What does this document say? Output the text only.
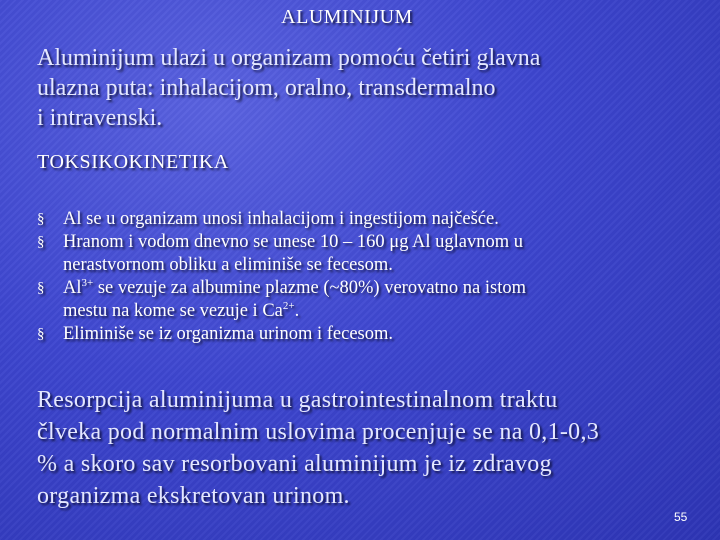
ALUMINIJUM
Aluminijum ulazi u organizam pomoću četiri glavna
ulazna puta: inhalacijom, oralno, transdermalno
i intravenski.
TOKSIKOKINETIKA
§ Al se u organizam unosi inhalacijom i ingestijom najčešće.
§ Hranom i vodom dnevno se unese 10 – 160 μg Al uglavnom u
nerastvornom obliku a eliminiše se fecesom.
§ $Al^{3+}$ se vezuje za albumine plazme (~80%) verovatno na istom
mestu na kome se vezuje i $Ca^{2+}$.
§ Eliminiše se iz organizma urinom i fecesom.
Resorpcija aluminijuma u gastrointestinalnom traktu
člveka pod normalnim uslovima procenjuje se na 0,1-0,3
% a skoro sav resorbovani aluminijum je iz zdravog
organizma ekskretovan urinom.
55
